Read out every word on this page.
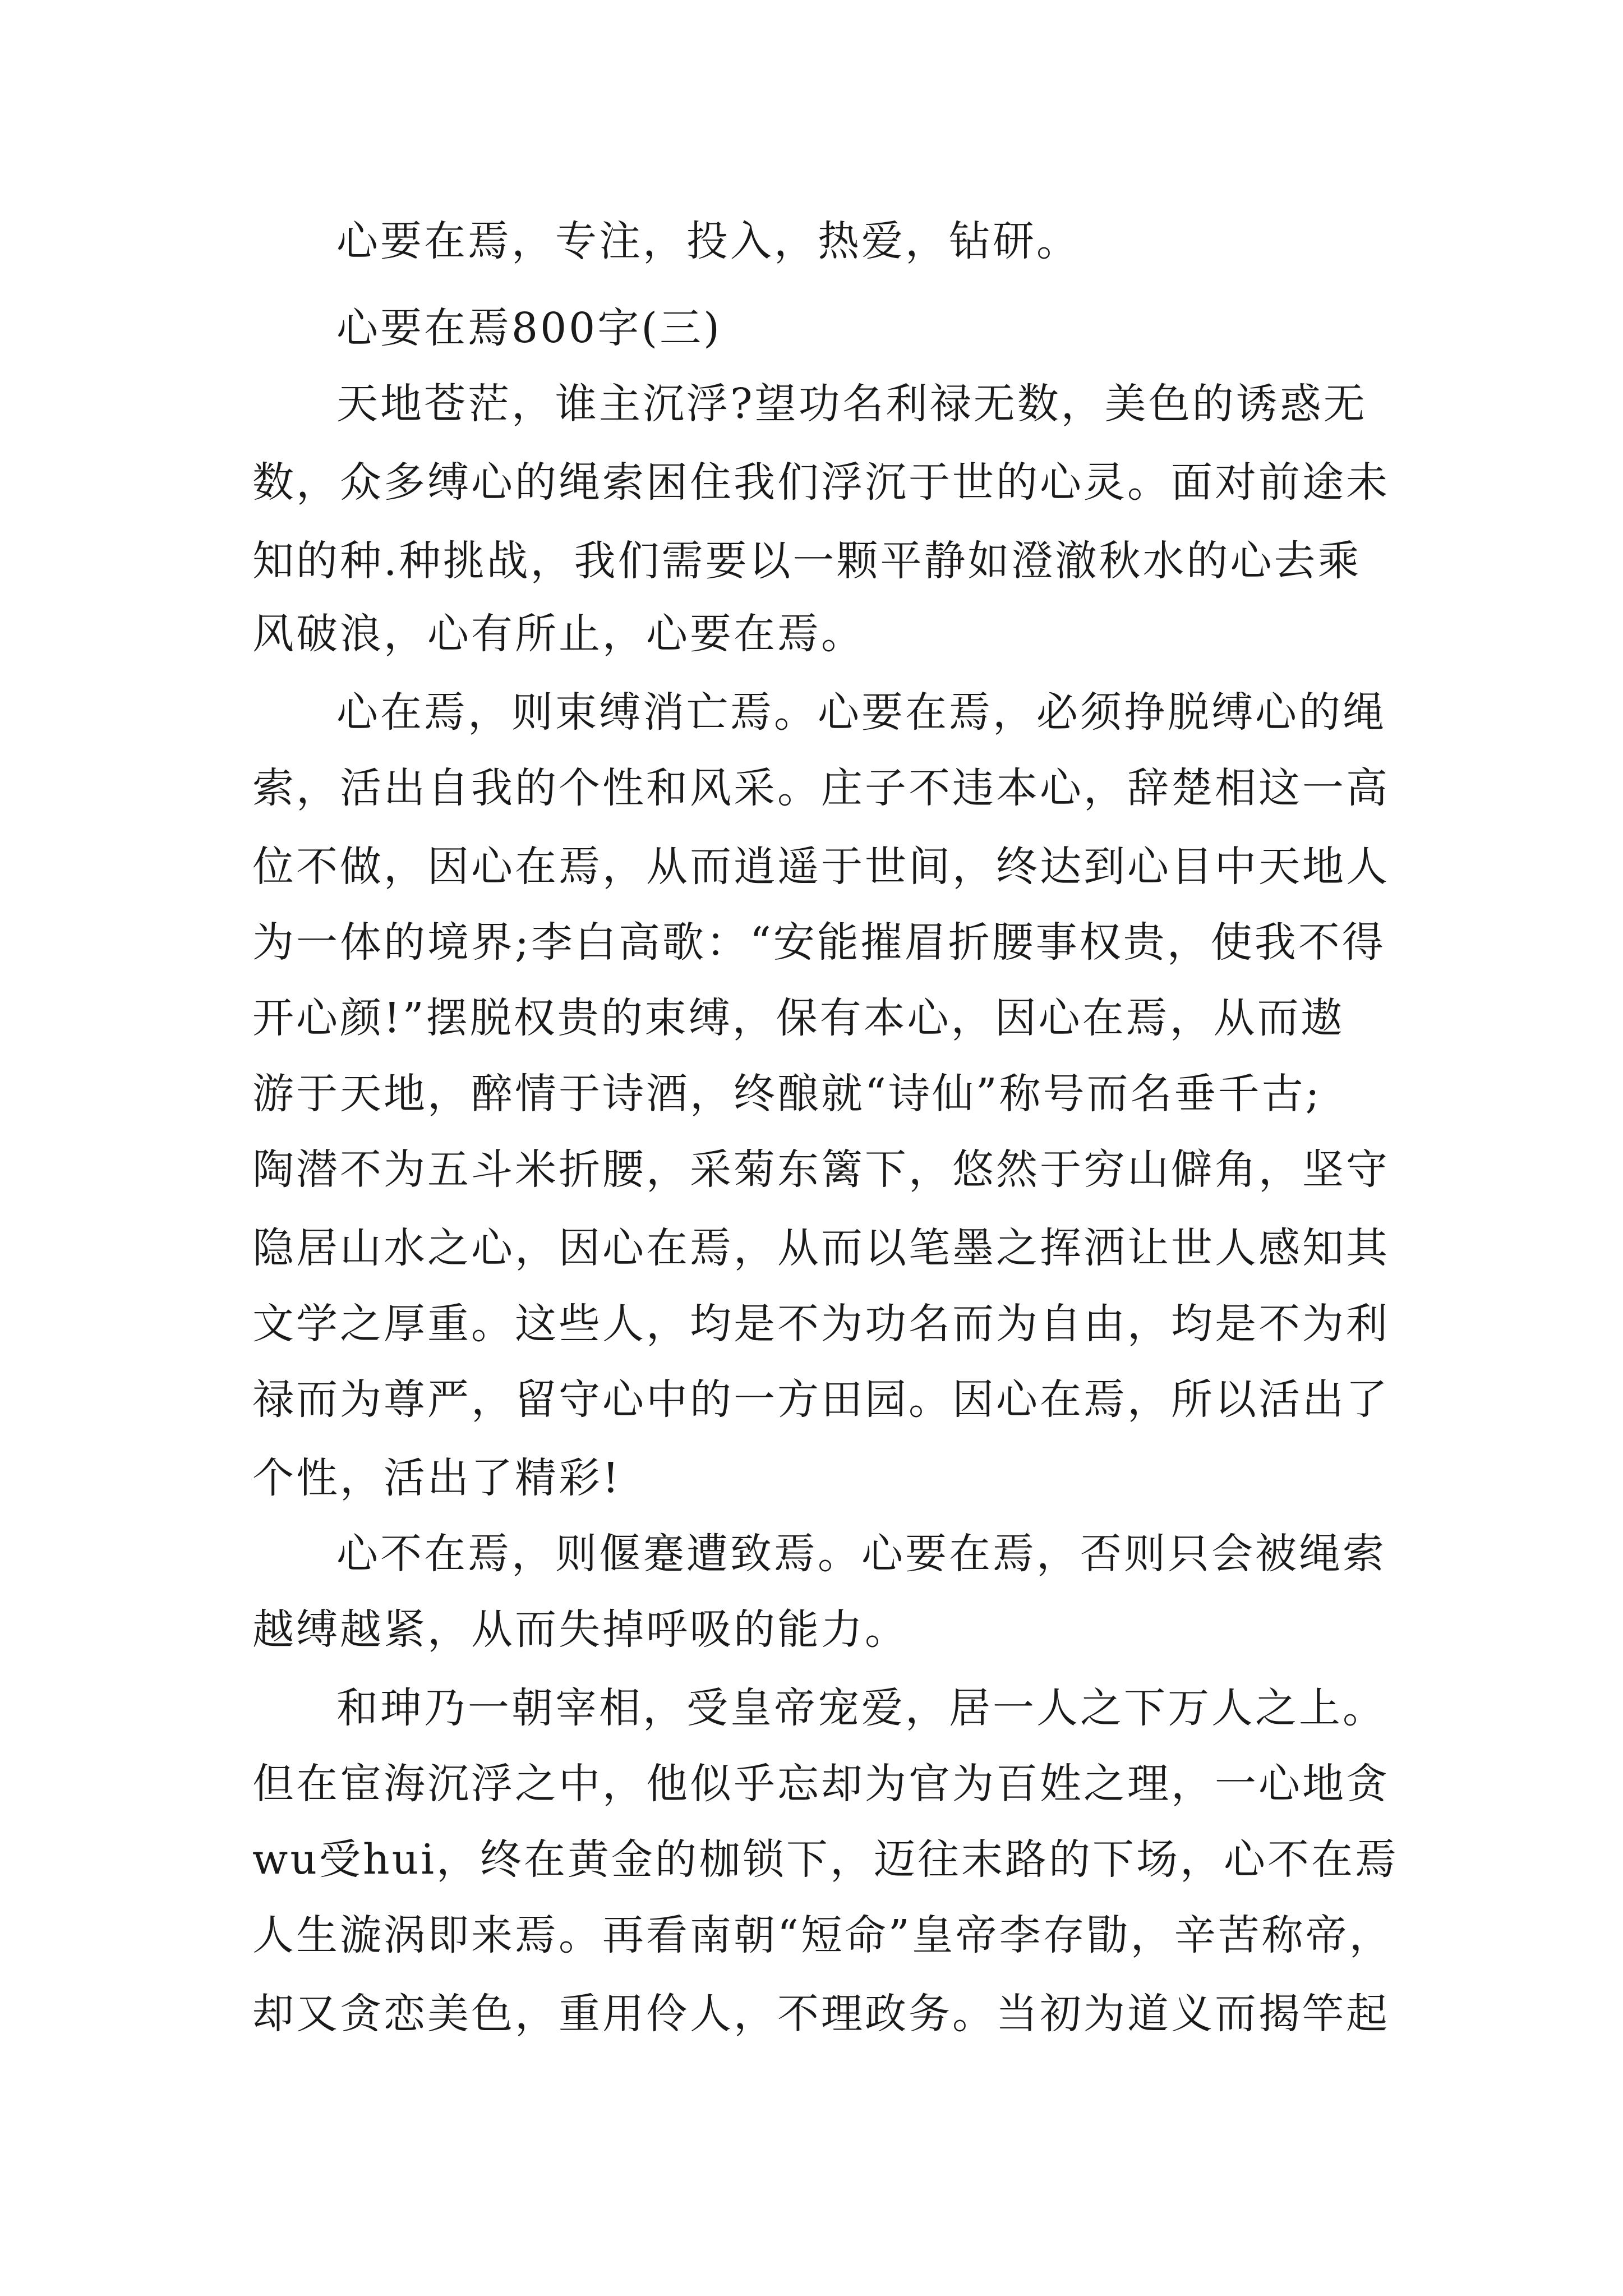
心要在焉，专注，投入，热爱，钻研。
心要在焉800字(三)
天地苍茫，谁主沉浮?望功名利禄无数，美色的诱惑无
数，众多缚心的绳索困住我们浮沉于世的心灵。面对前途未
知的种.种挑战，我们需要以一颗平静如澄澈秋水的心去乘
风破浪，心有所止，心要在焉。
心在焉，则束缚消亡焉。心要在焉，必须挣脱缚心的绳
索，活出自我的个性和风采。庄子不违本心，辞楚相这一高
位不做，因心在焉，从而逍遥于世间，终达到心目中天地人
为一体的境界;李白高歌：“安能摧眉折腰事权贵，使我不得
开心颜!”摆脱权贵的束缚，保有本心，因心在焉，从而遨
游于天地，醉情于诗酒，终酿就“诗仙”称号而名垂千古;
陶潜不为五斗米折腰，采菊东篱下，悠然于穷山僻角，坚守
隐居山水之心，因心在焉，从而以笔墨之挥洒让世人感知其
文学之厚重。这些人，均是不为功名而为自由，均是不为利
禄而为尊严，留守心中的一方田园。因心在焉，所以活出了
个性，活出了精彩!
心不在焉，则偃蹇遭致焉。心要在焉，否则只会被绳索
越缚越紧，从而失掉呼吸的能力。
和珅乃一朝宰相，受皇帝宠爱，居一人之下万人之上。
但在宦海沉浮之中，他似乎忘却为官为百姓之理，一心地贪
wu受hui，终在黄金的枷锁下，迈往末路的下场，心不在焉
人生漩涡即来焉。再看南朝“短命”皇帝李存勖，辛苦称帝，
却又贪恋美色，重用伶人，不理政务。当初为道义而揭竿起
